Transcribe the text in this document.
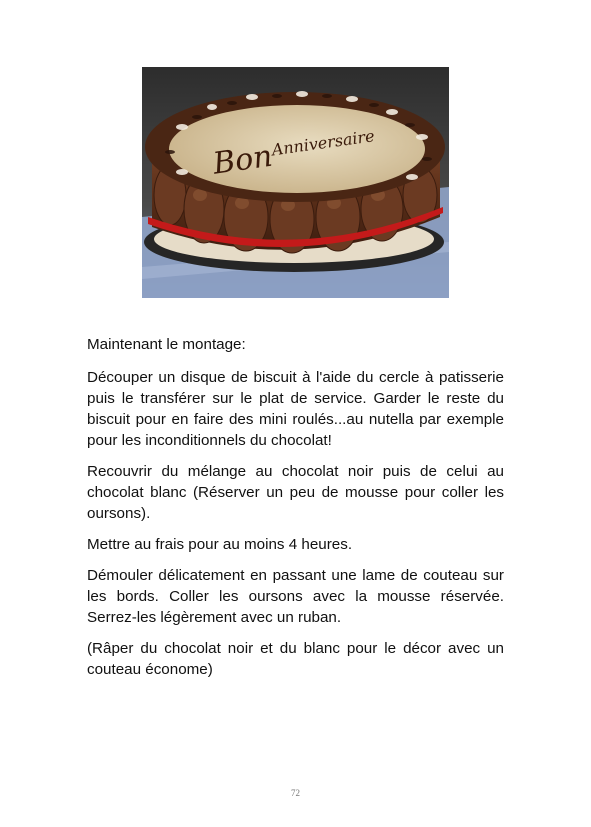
Bon
Anniversaire

Maintenant le montage:

Découper un disque de biscuit à l'aide du cercle à patisserie puis le transférer sur le plat de service. Garder le reste du biscuit pour en faire des mini roulés...au nutella par exemple pour les inconditionnels du chocolat!

Recouvrir du mélange au chocolat noir puis de celui au chocolat blanc (Réserver un peu de mousse pour coller les oursons).

Mettre au frais pour au moins 4 heures.

Démouler délicatement en passant une lame de couteau sur les bords. Coller les oursons avec la mousse réservée. Serrez-les légèrement avec un ruban.

(Râper du chocolat noir et du blanc pour le décor avec un couteau économe)

72
